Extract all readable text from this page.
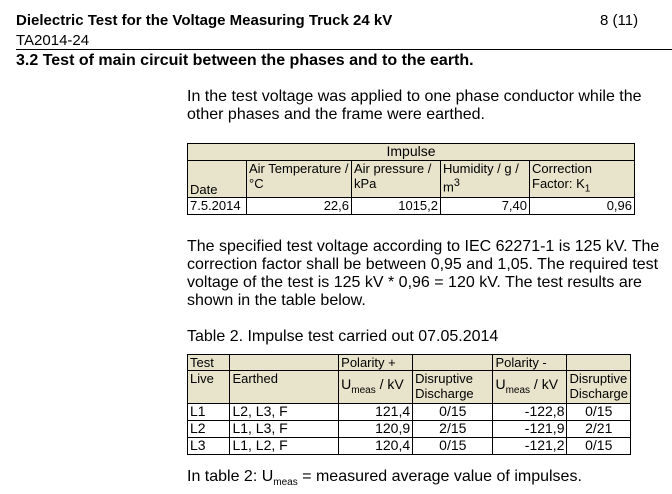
Dielectric Test for the Voltage Measuring Truck 24 kV	8 (11)
TA2014-24
3.2 Test of main circuit between the phases and to the earth.
In the test voltage was applied to one phase conductor while the other phases and the frame were earthed.
Impulse				
Date	Air Temperature / °C	Air pressure / kPa	Humidity / g / $m^3$	Correction Factor: $K_1$
7.5.2014	22,6	1015,2	7,40	0,96
The specified test voltage according to IEC 62271-1 is 125 kV. The correction factor shall be between 0,95 and 1,05. The required test voltage of the test is 125 kV * 0,96 = 120 kV. The test results are shown in the table below.
Table 2. Impulse test carried out 07.05.2014
Test		Polarity +		Polarity -	
Live	Earthed	$U_{meas}$ / kV	Disruptive Discharge	$U_{meas}$ / kV	Disruptive Discharge
L1	L2, L3, F	121,4	0/15	-122,8	0/15
L2	L1, L3, F	120,9	2/15	-121,9	2/21
L3	L1, L2, F	120,4	0/15	-121,2	0/15
In table 2: $U_{meas}$ = measured average value of impulses.
